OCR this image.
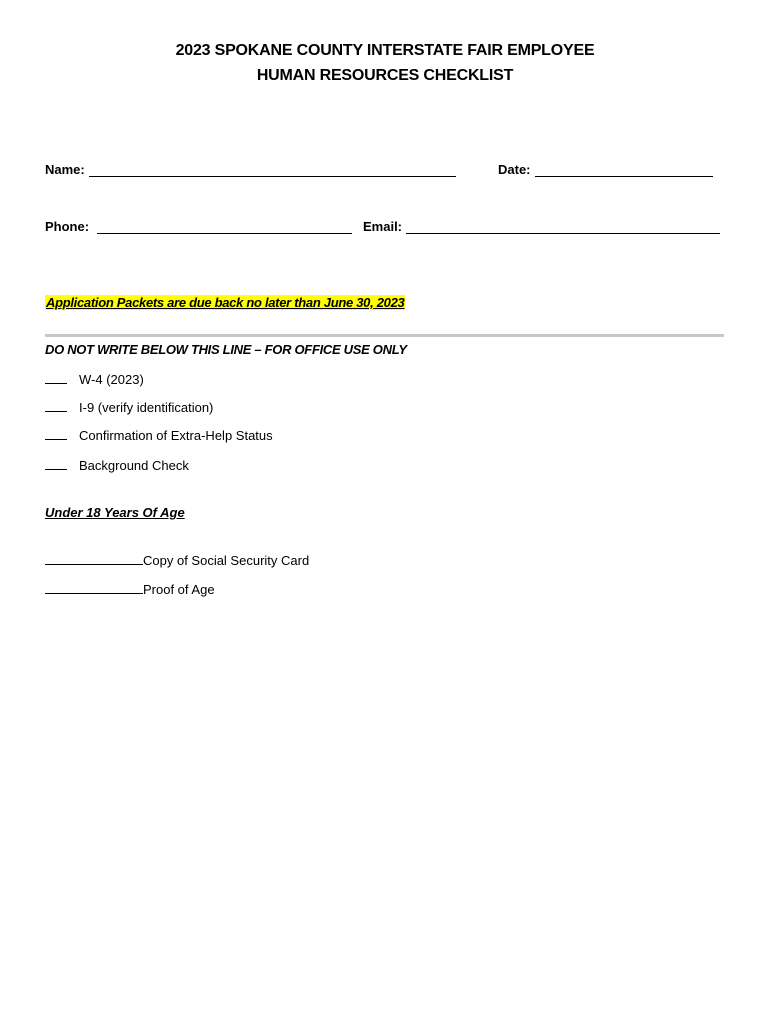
2023 SPOKANE COUNTY INTERSTATE FAIR EMPLOYEE
HUMAN RESOURCES CHECKLIST
Name:	Date:
Phone:	Email:
Application Packets are due back no later than June 30, 2023
DO NOT WRITE BELOW THIS LINE – FOR OFFICE USE ONLY
W-4 (2023)
I-9 (verify identification)
Confirmation of Extra-Help Status
Background Check
Under 18 Years Of Age
Copy of Social Security Card
Proof of Age
